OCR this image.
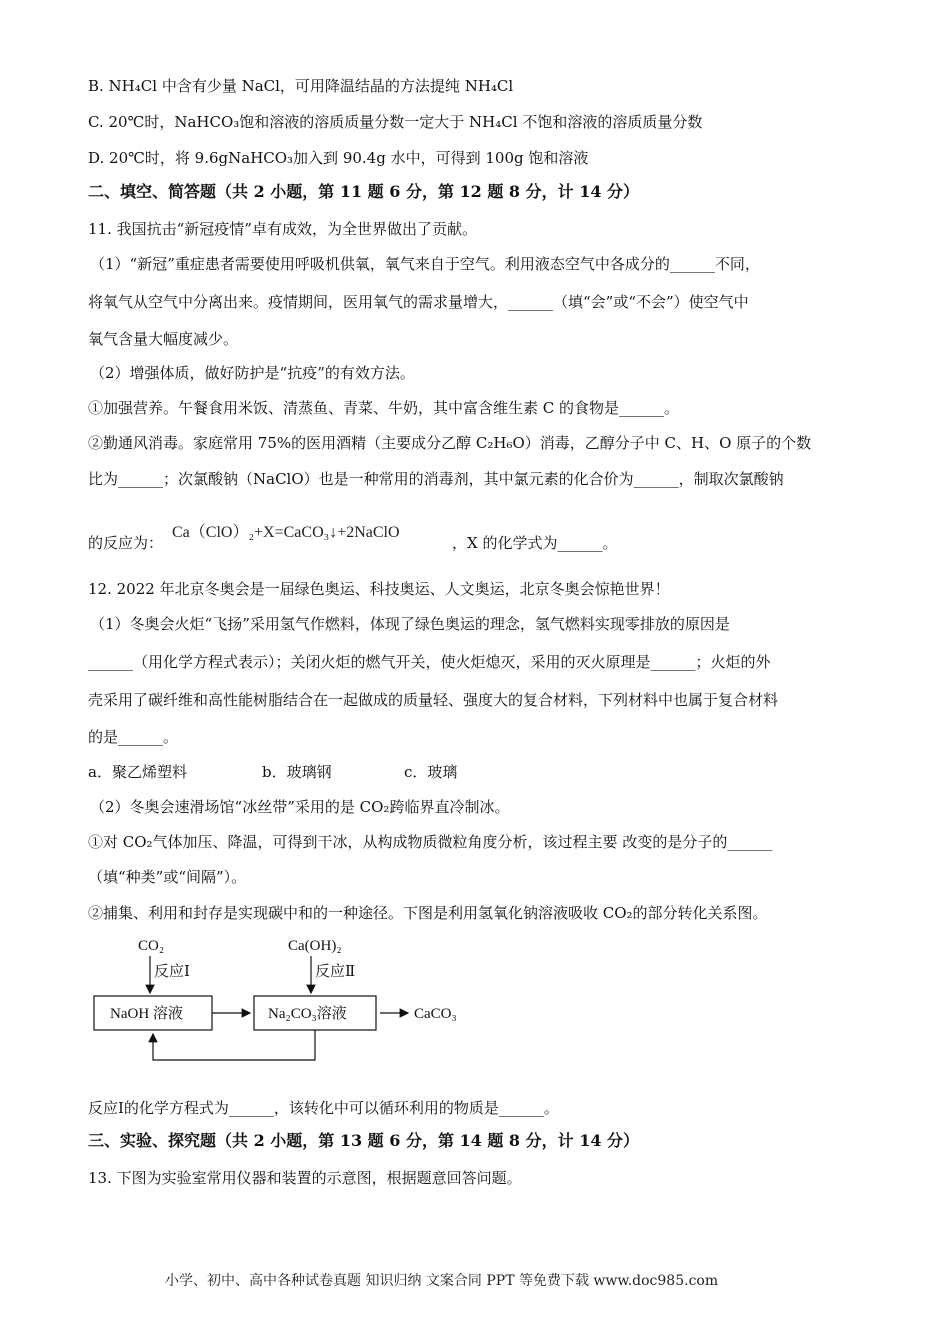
B. NH₄Cl 中含有少量 NaCl，可用降温结晶的方法提纯 NH₄Cl
C. 20℃时，NaHCO₃饱和溶液的溶质质量分数一定大于 NH₄Cl 不饱和溶液的溶质质量分数
D. 20℃时，将 9.6gNaHCO₃加入到 90.4g 水中，可得到 100g 饱和溶液
二、填空、简答题（共 2 小题，第 11 题 6 分，第 12 题 8 分，计 14 分）
11. 我国抗击“新冠疫情”卓有成效，为全世界做出了贡献。
（1）“新冠”重症患者需要使用呼吸机供氧，氧气来自于空气。利用液态空气中各成分的______不同，
将氧气从空气中分离出来。疫情期间，医用氧气的需求量增大，______（填“会”或“不会”）使空气中
氧气含量大幅度减少。
（2）增强体质，做好防护是“抗疫”的有效方法。
①加强营养。午餐食用米饭、清蒸鱼、青菜、牛奶，其中富含维生素 C 的食物是______。
②勤通风消毒。家庭常用 75%的医用酒精（主要成分乙醇 C₂H₆O）消毒，乙醇分子中 C、H、O 原子的个数
比为______；次氯酸钠（NaClO）也是一种常用的消毒剂，其中氯元素的化合价为______，制取次氯酸钠
的反应为：
Ca（ClO）₂+X=CaCO₃↓+2NaClO
，X 的化学式为______。
12. 2022 年北京冬奥会是一届绿色奥运、科技奥运、人文奥运，北京冬奥会惊艳世界！
（1）冬奥会火炬“飞扬”采用氢气作燃料，体现了绿色奥运的理念，氢气燃料实现零排放的原因是
______（用化学方程式表示）；关闭火炬的燃气开关，使火炬熄灭，采用的灭火原理是______；火炬的外
壳采用了碳纤维和高性能树脂结合在一起做成的质量轻、强度大的复合材料，下列材料中也属于复合材料
的是______。
a．聚乙烯塑料	b．玻璃钢	c．玻璃
（2）冬奥会速滑场馆“冰丝带”采用的是 CO₂跨临界直冷制冰。
①对 CO₂气体加压、降温，可得到干冰，从构成物质微粒角度分析，该过程主要 改变的是分子的______
（填“种类”或“间隔”）。
②捕集、利用和封存是实现碳中和的一种途径。下图是利用氢氧化钠溶液吸收 CO₂的部分转化关系图。
CO₂
反应Ⅰ
Ca(OH)₂
反应Ⅱ
NaOH 溶液	Na₂CO₃溶液	CaCO₃
反应Ⅰ的化学方程式为______，该转化中可以循环利用的物质是______。
三、实验、探究题（共 2 小题，第 13 题 6 分，第 14 题 8 分，计 14 分）
13. 下图为实验室常用仪器和装置的示意图，根据题意回答问题。
小学、初中、高中各种试卷真题 知识归纳 文案合同 PPT 等免费下载 www.doc985.com
